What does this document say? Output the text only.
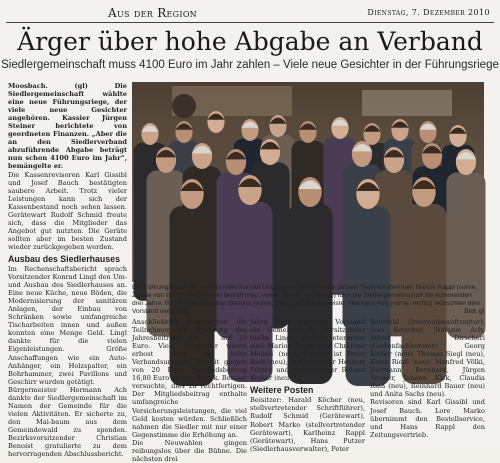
Aus der Region	Dienstag, 7. Dezember 2010
Ärger über hohe Abgabe an Verband
Siedlergemeinschaft muss 4100 Euro im Jahr zahlen – Viele neue Gesichter in der Führungsriege

Moosbach. (gl) Die Siedlergemeinschaft wählte eine neue Führungsriege, der viele neue Gesichter angehören. Kassier Jürgen Steiner berichtete von geordneten Finanzen. „Aber die an den Siedlerverband abzuführende Abgabe beträgt nun schon 4100 Euro im Jahr“, bemängelte er.

Die Kassenrevisoren Karl Gissibl und Josef Bauch bestätigten saubere Arbeit. Trotz vieler Leistungen kann sich der Kassenbestand noch sehen lassen. Gerätewart Rudolf Schmid freute sich, dass die Mitglieder das Angebot gut nutzten. Die Geräte sollten aber im besten Zustand wieder zurückgegeben werden.

Ausbau des Siedlerhauses

Im Rechenschaftsbericht sprach Vorsitzender Konrad Lingl den Um- und Ausbau des Siedlerhauses an. Eine neue Küche, neue Böden, die Modernisierung der sanitären Anlagen, der Einbau von Schränken sowie umfangreiche Tischarbeiten innen und außen konnten eine Menge Geld. Lingl dankte für die vielen Eigenleistungen. Größe Anschaffungen wie ein Auto-Anhänger, ein Holzspalter, ein Bohrhammer, zwei Pavillons und Geschirr wurden getätigt.

Bürgermeister Hermann Ach dankte der Siedlergemeinschaft im Namen der Gemeinde für die vielen Aktivitäten. Er sicherte zu, den Mai-baum aus dem Gemeindewald zu spenden. Bezirksvorsitzender Christian Benoist gratulierte zu dem hervorragenden Abschlussbericht.

Die Führungsriege um Vorsitzenden Konrad Lingl (vorne, Mitte) sowie dessen Stellvertreterinnen Marion Rappl (vorne, Zweite von links) und Christine Meindl (neu, vorne, Zweite von rechts) führt die Siedlergemeinschaft die kommenden drei Jahre. Bezirkschef Christian Benoist (vorne, links) und Bürgermeister Hermann Ach (vorne, rechts) wünschten dem Vorstand viel Erfolg.	Bild: gl

Anschließend diskutierten die Teilnehmer die Erhöhung des Jahresbeitrags von 20 auf 23 Euro. Viele Mitglieder waren erbost über die hohe Verbandsumlage. Derzeit gingen von 20 Euro Mitgliedsbeitrag 16,80 Euro an den Bezirk. Benoist versuchte, dies zu rechtfertigen. Der Mitgliedsbeitrag enthalte umfangreiche Versicherungsleistungen, die viel Geld kosten würden. Schließlich nahmen die Siedler mit nur einer Gegenstimme die Erhöhung an.

Die Neuwahlen gingen reibungslos über die Bühne. Die nächsten drei

Jahre führt folgender Vorstand die Gemeinschaft: Vorsitzender bleibt Lingl, Stellvertreterinnen sind Marion Rappl und Christine Meindl (neu), Kassier ist Peter Rieß (neu), Stellvertreter Herbert Putzer und Schriftführer Roland Kleber (neu).

Weitere Posten

Beisitzer: Harald Köcher (neu, stellvertretender Schriftführer), Rudolf Schmid (Gerätewart), Robert Marko (stellvertretender Gerätewart), Karlheinz Rappl (Gerätewart), Hans Putzer (Siedlerhausverwalter), Peter

Baurfeld (Internetbeauftragter), Jens Ketscher, Stefanie Ach, Alfred Dirscherl (Gartenfachberater), Georg Kleber (neu), Thomas Siegl (neu), Klaus Riedl (neu), Manfred Völki, Hermann Bernhard, Jürgen Steiner, Johann Kick, Claudia Rieß (neu), Reinhard Bauer (neu) und Anita Sachs (neu).

Revisoren sind Karl Gissibl und Josef Bauch. Lore Marko übernimmt den Bestellservice, und Hans Rappl den Zeitungsvertrieb.
